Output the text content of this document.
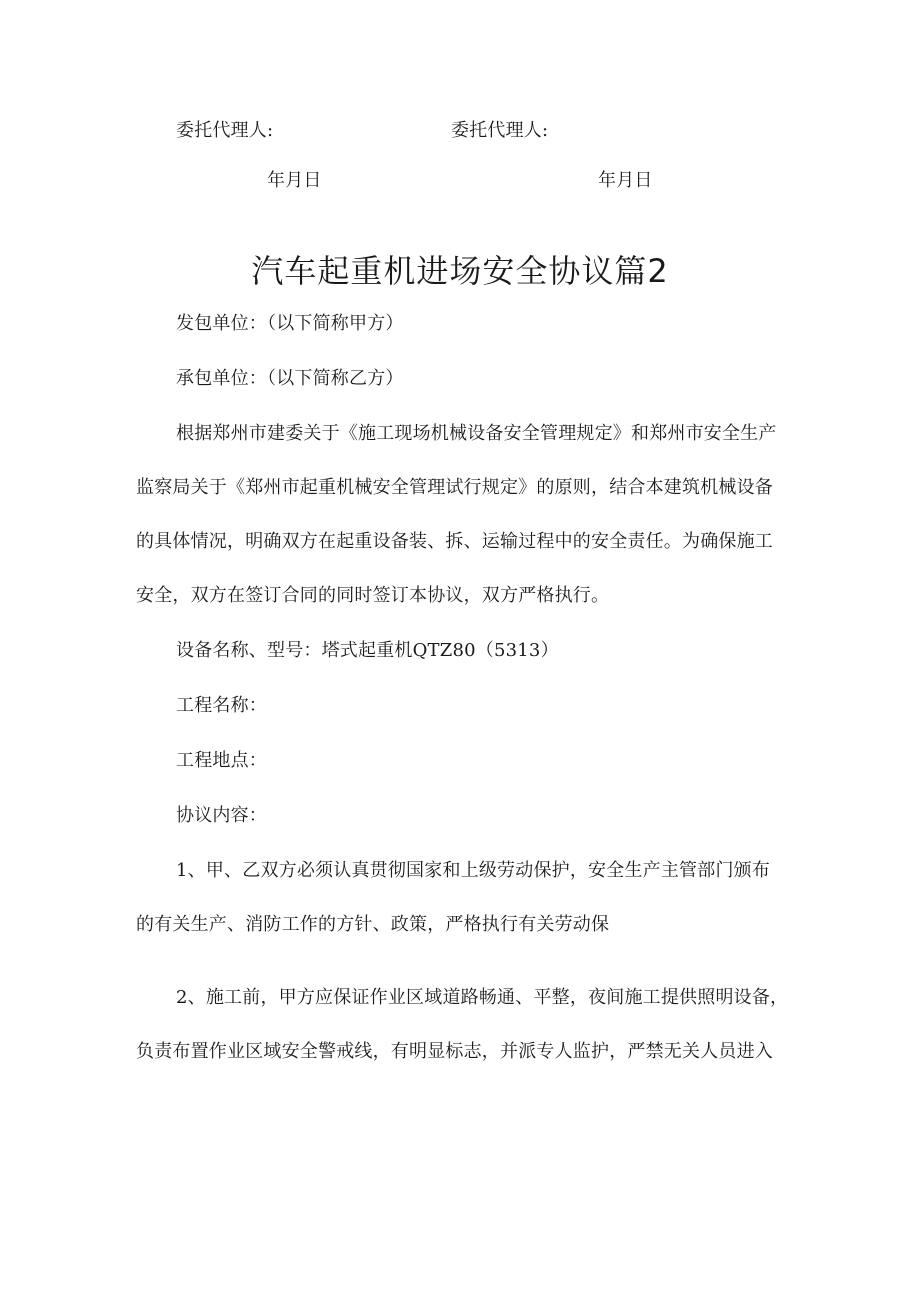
委托代理人:	委托代理人:
年月日	年月日
汽车起重机进场安全协议篇2
发包单位：（以下简称甲方）
承包单位：（以下简称乙方）
根据郑州市建委关于《施工现场机械设备安全管理规定》和郑州市安全生产
监察局关于《郑州市起重机械安全管理试行规定》的原则，结合本建筑机械设备
的具体情况，明确双方在起重设备装、拆、运输过程中的安全责任。为确保施工
安全，双方在签订合同的同时签订本协议，双方严格执行。
设备名称、型号：塔式起重机QTZ80（5313）
工程名称：
工程地点：
协议内容：
1、甲、乙双方必须认真贯彻国家和上级劳动保护，安全生产主管部门颁布
的有关生产、消防工作的方针、政策，严格执行有关劳动保
2、施工前，甲方应保证作业区域道路畅通、平整，夜间施工提供照明设备，
负责布置作业区域安全警戒线，有明显标志，并派专人监护，严禁无关人员进入
